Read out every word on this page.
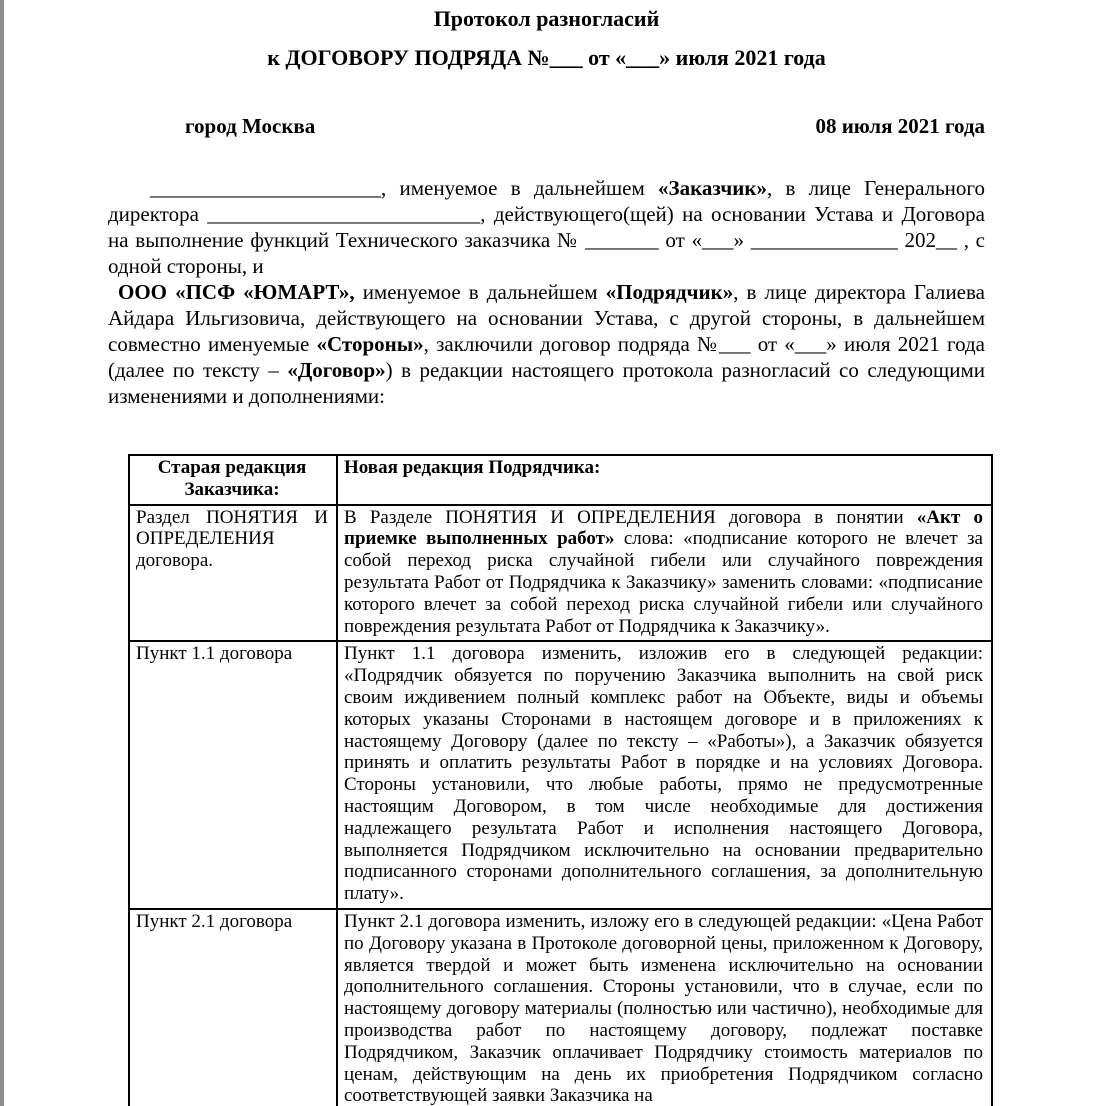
Протокол разногласий
к ДОГОВОРУ ПОДРЯДА №___ от «___» июля 2021 года
город Москва	08 июля 2021 года

______________________, именуемое в дальнейшем «Заказчик», в лице Генерального директора __________________________, действующего(щей) на основании Устава и Договора на выполнение функций Технического заказчика № _______ от «___» ______________ 202__ , с одной стороны, и

ООО «ПСФ «ЮМАРТ», именуемое в дальнейшем «Подрядчик», в лице директора Галиева Айдара Ильгизовича, действующего на основании Устава, с другой стороны, в дальнейшем совместно именуемые «Стороны», заключили договор подряда №___ от «___» июля 2021 года (далее по тексту – «Договор») в редакции настоящего протокола разногласий со следующими изменениями и дополнениями:

Старая редакция Заказчика:	Новая редакция Подрядчика:
Раздел ПОНЯТИЯ И ОПРЕДЕЛЕНИЯ договора.	В Разделе ПОНЯТИЯ И ОПРЕДЕЛЕНИЯ договора в понятии «Акт о приемке выполненных работ» слова: «подписание которого не влечет за собой переход риска случайной гибели или случайного повреждения результата Работ от Подрядчика к Заказчику» заменить словами: «подписание которого влечет за собой переход риска случайной гибели или случайного повреждения результата Работ от Подрядчика к Заказчику».
Пункт 1.1 договора	Пункт 1.1 договора изменить, изложив его в следующей редакции: «Подрядчик обязуется по поручению Заказчика выполнить на свой риск своим иждивением полный комплекс работ на Объекте, виды и объемы которых указаны Сторонами в настоящем договоре и в приложениях к настоящему Договору (далее по тексту – «Работы»), а Заказчик обязуется принять и оплатить результаты Работ в порядке и на условиях Договора. Стороны установили, что любые работы, прямо не предусмотренные настоящим Договором, в том числе необходимые для достижения надлежащего результата Работ и исполнения настоящего Договора, выполняется Подрядчиком исключительно на основании предварительно подписанного сторонами дополнительного соглашения, за дополнительную плату».
Пункт 2.1 договора	Пункт 2.1 договора изменить, изложу его в следующей редакции: «Цена Работ по Договору указана в Протоколе договорной цены, приложенном к Договору, является твердой и может быть изменена исключительно на основании дополнительного соглашения. Стороны установили, что в случае, если по настоящему договору материалы (полностью или частично), необходимые для производства работ по настоящему договору, подлежат поставке Подрядчиком, Заказчик оплачивает Подрядчику стоимость материалов по ценам, действующим на день их приобретения Подрядчиком согласно соответствующей заявки Заказчика на
